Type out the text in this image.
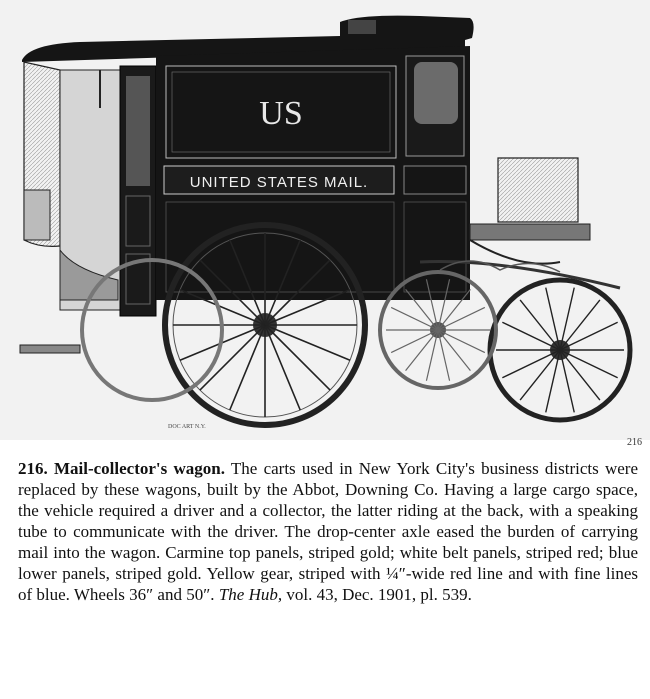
US
UNITED STATES MAIL.
DOC ART N.Y.
216
216. Mail-collector's wagon. The carts used in New York City's business districts were replaced by these wagons, built by the Abbot, Downing Co. Having a large cargo space, the vehicle required a driver and a collector, the latter riding at the back, with a speaking tube to communicate with the driver. The drop-center axle eased the burden of carrying mail into the wagon. Carmine top panels, striped gold; white belt panels, striped red; blue lower panels, striped gold. Yellow gear, striped with ¼″-wide red line and with fine lines of blue. Wheels 36″ and 50″. The Hub, vol. 43, Dec. 1901, pl. 539.
